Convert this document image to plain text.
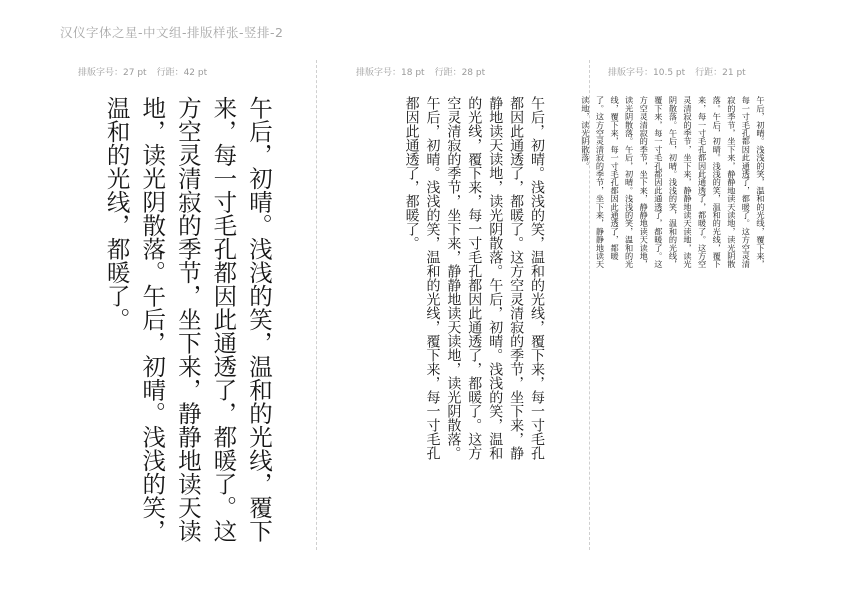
汉仪字体之星-中文组-排版样张-竖排-2
排版字号：27 pt 行距：42 pt
午后，初晴。浅浅的笑，温和的光线，覆下来，每一寸毛孔都因此通透了，都暖了。这方空灵清寂的季节，坐下来，静静地读天读地，读光阴散落。午后，初晴。浅浅的笑，温和的光线，都暖了。
排版字号：18 pt 行距：28 pt
午后，初晴。浅浅的笑，温和的光线，覆下来，每一寸毛孔都因此通透了，都暖了。这方空灵清寂的季节，坐下来，静静地读天读地，读光阴散落。午后，初晴。浅浅的笑，温和的光线，覆下来，每一寸毛孔都因此通透了，都暖了。这方空灵清寂的季节，坐下来，静静地读天读地，读光阴散落。午后，初晴。浅浅的笑，温和的光线，覆下来，每一寸毛孔都因此通透了，都暖了。
排版字号：10.5 pt 行距：21 pt
午后，初晴。浅浅的笑，温和的光线，覆下来，每一寸毛孔都因此通透了，都暖了。这方空灵清寂的季节，坐下来，静静地读天读地，读光阴散落。午后，初晴。浅浅的笑，温和的光线，覆下来，每一寸毛孔都因此通透了，都暖了。这方空灵清寂的季节，坐下来，静静地读天读地，读光阴散落。午后，初晴。浅浅的笑，温和的光线，覆下来，每一寸毛孔都因此通透了，都暖了。这方空灵清寂的季节，坐下来，静静地读天读地，读光阴散落。午后，初晴。浅浅的笑，温和的光线，覆下来，每一寸毛孔都因此通透了，都暖了。这方空灵清寂的季节，坐下来，静静地读天读地，读光阴散落。
